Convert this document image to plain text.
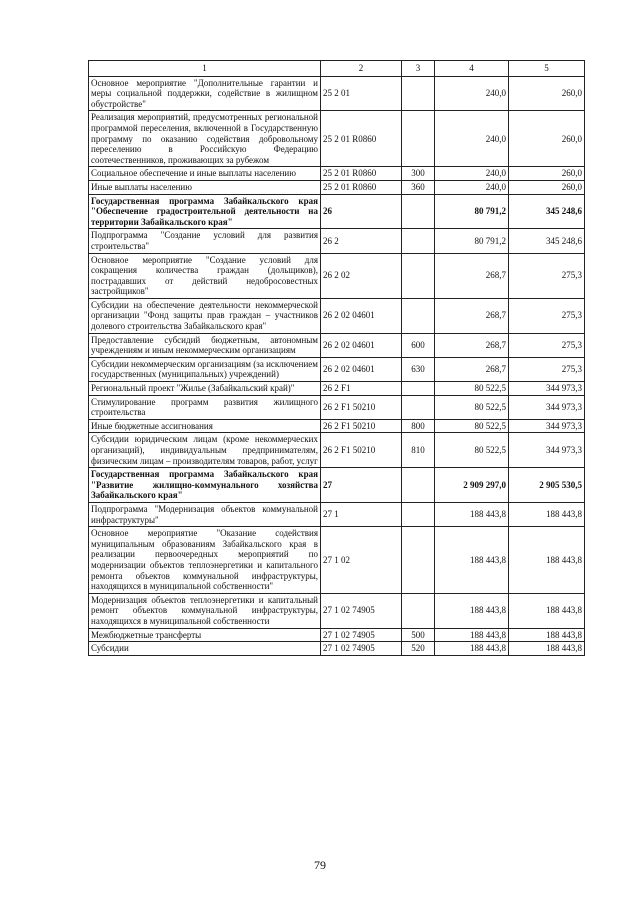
1	2	3	4	5
Основное мероприятие "Дополнительные гарантии и меры социальной поддержки, содействие в жилищном обустройстве"	25 2 01		240,0	260,0
Реализация мероприятий, предусмотренных региональной программой переселения, включенной в Государственную программу по оказанию содействия добровольному переселению в Российскую Федерацию соотечественников, проживающих за рубежом	25 2 01 R0860		240,0	260,0
Социальное обеспечение и иные выплаты населению	25 2 01 R0860	300	240,0	260,0
Иные выплаты населению	25 2 01 R0860	360	240,0	260,0
Государственная программа Забайкальского края "Обеспечение градостроительной деятельности на территории Забайкальского края"	26		80 791,2	345 248,6
Подпрограмма "Создание условий для развития строительства"	26 2		80 791,2	345 248,6
Основное мероприятие "Создание условий для сокращения количества граждан (дольщиков), пострадавших от действий недобросовестных застройщиков"	26 2 02		268,7	275,3
Субсидии на обеспечение деятельности некоммерческой организации "Фонд защиты прав граждан – участников долевого строительства Забайкальского края"	26 2 02 04601		268,7	275,3
Предоставление субсидий бюджетным, автономным учреждениям и иным некоммерческим организациям	26 2 02 04601	600	268,7	275,3
Субсидии некоммерческим организациям (за исключением государственных (муниципальных) учреждений)	26 2 02 04601	630	268,7	275,3
Региональный проект "Жилье (Забайкальский край)"	26 2 F1		80 522,5	344 973,3
Стимулирование программ развития жилищного строительства	26 2 F1 50210		80 522,5	344 973,3
Иные бюджетные ассигнования	26 2 F1 50210	800	80 522,5	344 973,3
Субсидии юридическим лицам (кроме некоммерческих организаций), индивидуальным предпринимателям, физическим лицам – производителям товаров, работ, услуг	26 2 F1 50210	810	80 522,5	344 973,3
Государственная программа Забайкальского края "Развитие жилищно-коммунального хозяйства Забайкальского края"	27		2 909 297,0	2 905 530,5
Подпрограмма "Модернизация объектов коммунальной инфраструктуры"	27 1		188 443,8	188 443,8
Основное мероприятие "Оказание содействия муниципальным образованиям Забайкальского края в реализации первоочередных мероприятий по модернизации объектов теплоэнергетики и капитального ремонта объектов коммунальной инфраструктуры, находящихся в муниципальной собственности"	27 1 02		188 443,8	188 443,8
Модернизация объектов теплоэнергетики и капитальный ремонт объектов коммунальной инфраструктуры, находящихся в муниципальной собственности	27 1 02 74905		188 443,8	188 443,8
Межбюджетные трансферты	27 1 02 74905	500	188 443,8	188 443,8
Субсидии	27 1 02 74905	520	188 443,8	188 443,8
79
